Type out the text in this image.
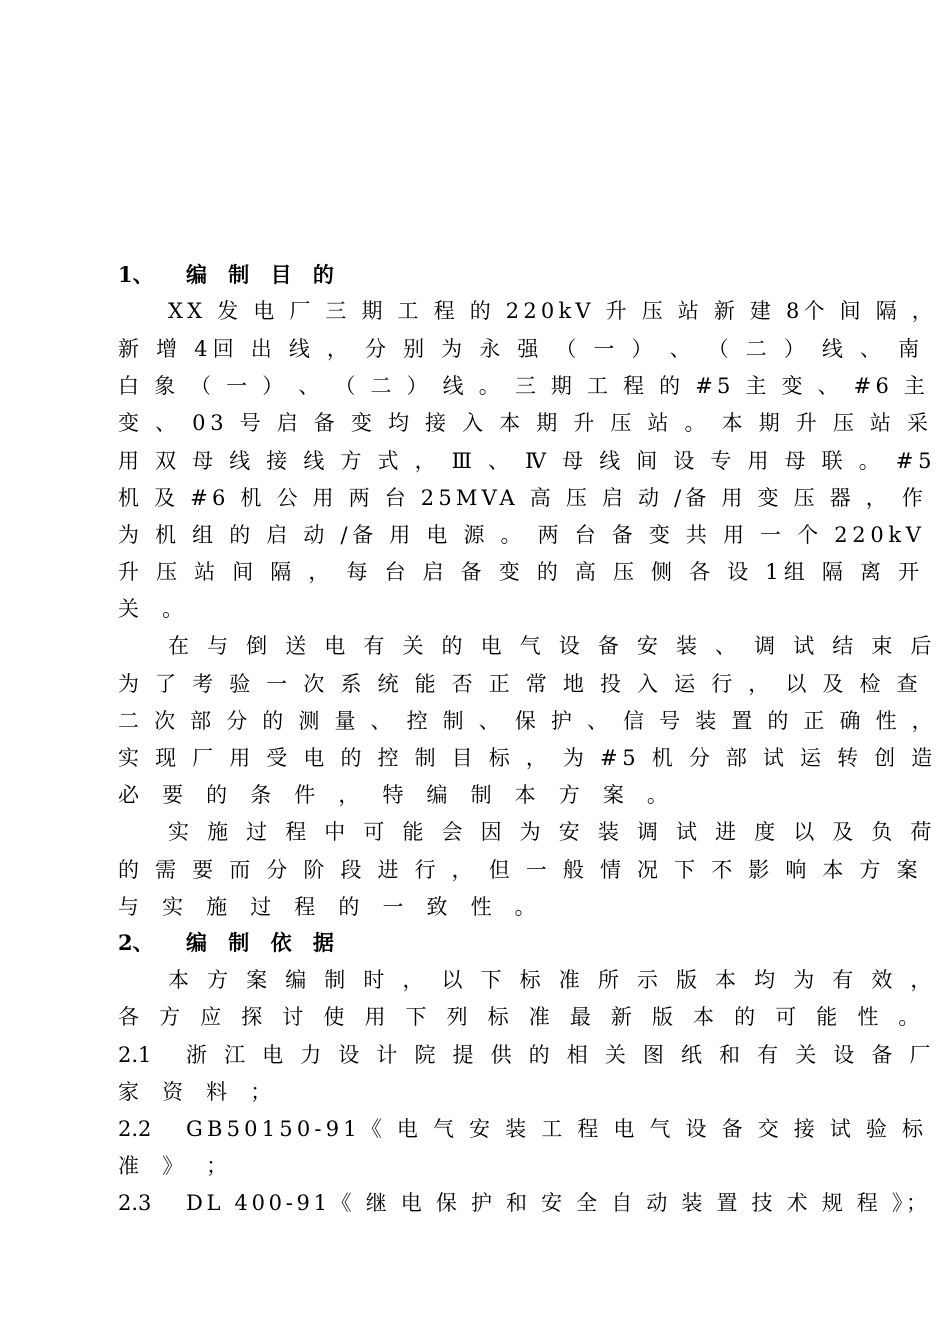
1、 编 制 目 的
XX 发 电 厂 三 期 工 程 的 220kV 升 压 站 新 建 8个 间 隔 ，
新 增 4回 出 线 ， 分 别 为 永 强 （ 一 ） 、 （ 二 ） 线 、 南
白 象 （ 一 ） 、 （ 二 ） 线 。 三 期 工 程 的 #5 主 变 、 #6 主
变 、 03 号 启 备 变 均 接 入 本 期 升 压 站 。 本 期 升 压 站 采
用 双 母 线 接 线 方 式 ， Ⅲ 、 Ⅳ 母 线 间 设 专 用 母 联 。 #5
机 及 #6 机 公 用 两 台 25MVA 高 压 启 动 /备 用 变 压 器 ， 作
为 机 组 的 启 动 /备 用 电 源 。 两 台 备 变 共 用 一 个 220kV
升 压 站 间 隔 ， 每 台 启 备 变 的 高 压 侧 各 设 1组 隔 离 开
关 。
在 与 倒 送 电 有 关 的 电 气 设 备 安 装 、 调 试 结 束 后
为 了 考 验 一 次 系 统 能 否 正 常 地 投 入 运 行 ， 以 及 检 查
二 次 部 分 的 测 量 、 控 制 、 保 护 、 信 号 装 置 的 正 确 性 ，
实 现 厂 用 受 电 的 控 制 目 标 ， 为 #5 机 分 部 试 运 转 创 造
必 要 的 条 件 ， 特 编 制 本 方 案 。
实 施 过 程 中 可 能 会 因 为 安 装 调 试 进 度 以 及 负 荷
的 需 要 而 分 阶 段 进 行 ， 但 一 般 情 况 下 不 影 响 本 方 案
与 实 施 过 程 的 一 致 性 。
2、 编 制 依 据
本 方 案 编 制 时 ， 以 下 标 准 所 示 版 本 均 为 有 效 ，
各 方 应 探 讨 使 用 下 列 标 准 最 新 版 本 的 可 能 性 。
2.1 浙 江 电 力 设 计 院 提 供 的 相 关 图 纸 和 有 关 设 备 厂
家 资 料 ；
2.2 GB50150-91《 电 气 安 装 工 程 电 气 设 备 交 接 试 验 标
准 》 ；
2.3 DL 400-91《 继 电 保 护 和 安 全 自 动 装 置 技 术 规 程 》；
